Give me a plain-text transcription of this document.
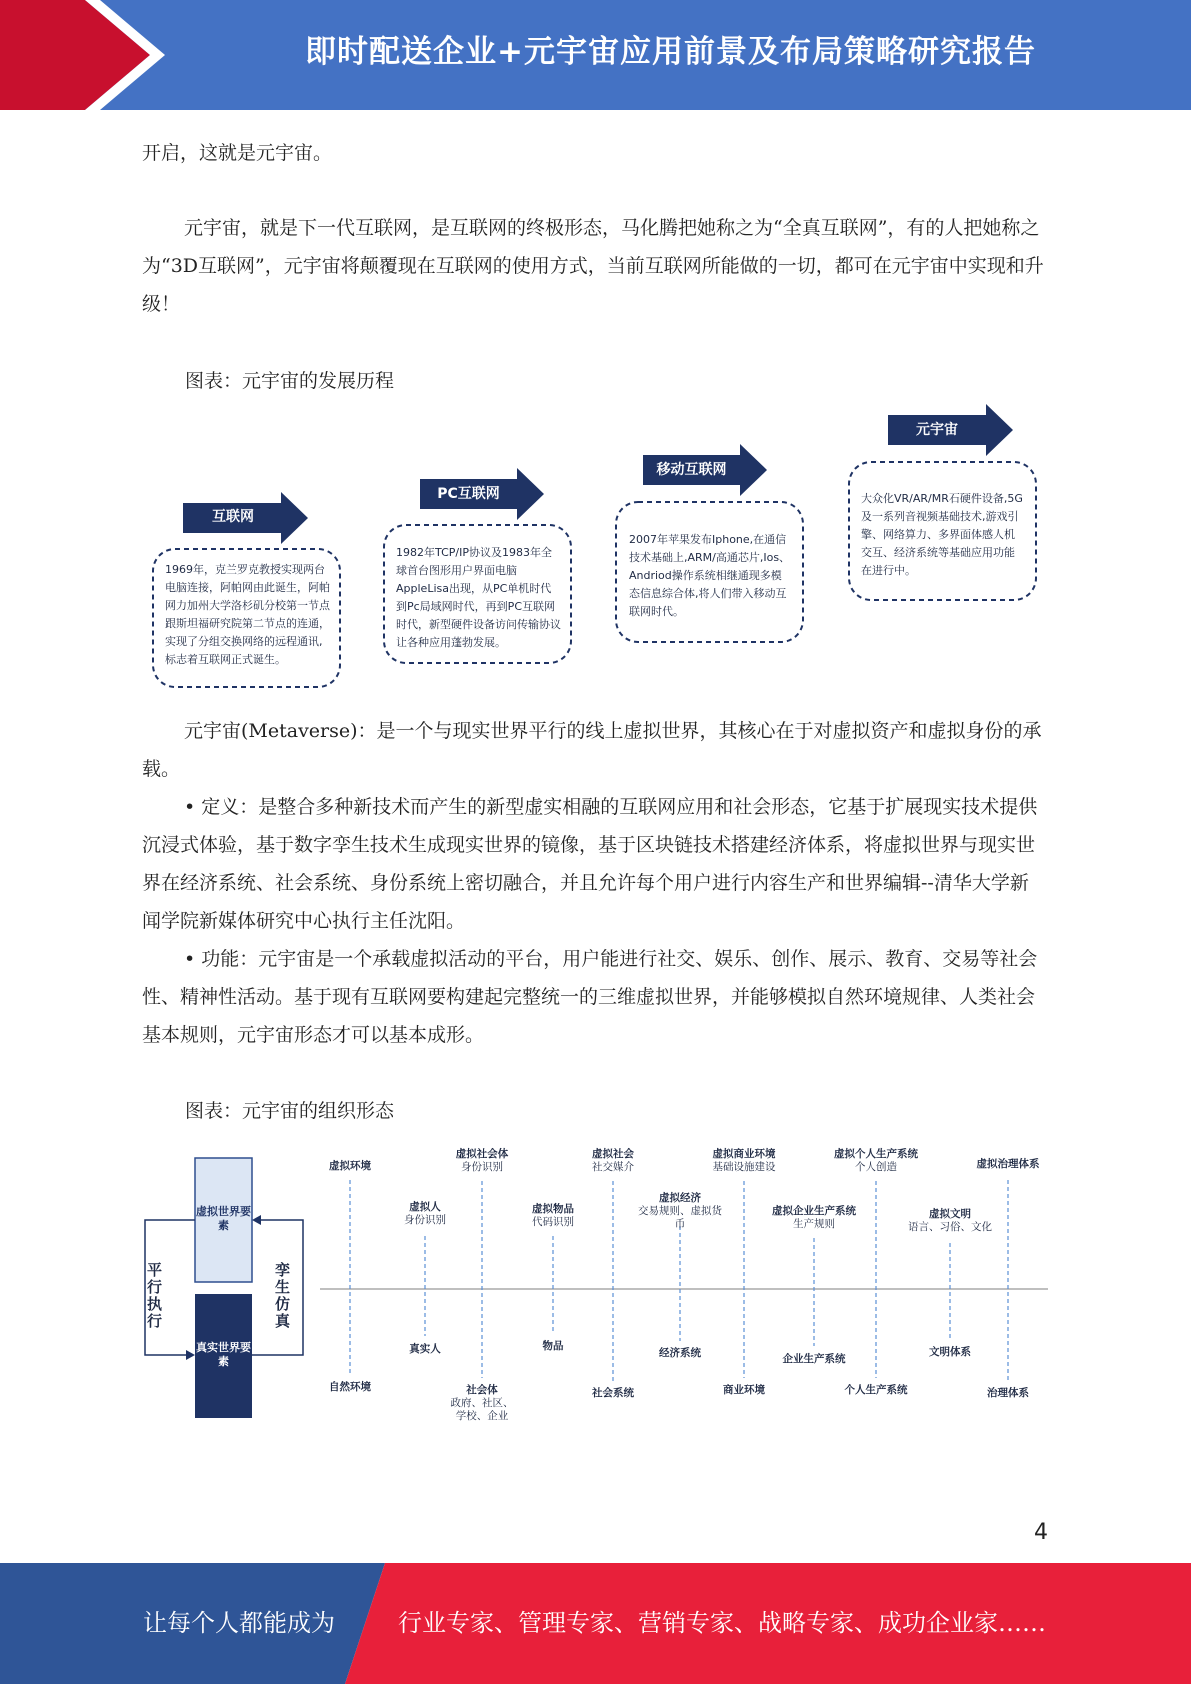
即时配送企业+元宇宙应用前景及布局策略研究报告

开启，这就是元宇宙。

元宇宙，就是下一代互联网，是互联网的终极形态，马化腾把她称之为“全真互联网”，有的人把她称之为“3D互联网”，元宇宙将颠覆现在互联网的使用方式，当前互联网所能做的一切，都可在元宇宙中实现和升级！

图表：元宇宙的发展历程
互联网
PC互联网
移动互联网
元宇宙
1969年，克兰罗克教授实现两台电脑连接，阿帕网由此诞生，阿帕网力加州大学洛杉矶分校第一节点跟斯坦福研究院第二节点的连通，实现了分组交换网络的远程通讯,标志着互联网正式诞生。
1982年TCP/IP协议及1983年全球首台图形用户界面电脑AppleLisa出现，从PC单机时代到Pc局域网时代，再到PC互联网时代，新型硬件设备访问传输协议让各种应用蓬勃发展。
2007年苹果发布Iphone,在通信技术基础上,ARM/高通芯片,Ios、Andriod操作系统相继通现多模态信息综合体,将人们带入移动互联网时代。
大众化VR/AR/MR石硬件设备,5G及一系列音视频基础技术,游戏引擎、网络算力、多界面体感人机交互、经济系统等基础应用功能在进行中。

元宇宙(Metaverse)：是一个与现实世界平行的线上虚拟世界，其核心在于对虚拟资产和虚拟身份的承载。

• 定义：是整合多种新技术而产生的新型虚实相融的互联网应用和社会形态，它基于扩展现实技术提供沉浸式体验，基于数字孪生技术生成现实世界的镜像，基于区块链技术搭建经济体系，将虚拟世界与现实世界在经济系统、社会系统、身份系统上密切融合，并且允许每个用户进行内容生产和世界编辑--清华大学新闻学院新媒体研究中心执行主任沈阳。

• 功能：元宇宙是一个承载虚拟活动的平台，用户能进行社交、娱乐、创作、展示、教育、交易等社会性、精神性活动。基于现有互联网要构建起完整统一的三维虚拟世界，并能够模拟自然环境规律、人类社会基本规则，元宇宙形态才可以基本成形。

图表：元宇宙的组织形态
虚拟世界要素
真实世界要素
平行执行
孪生仿真
虚拟环境
自然环境
虚拟人
身份识别
真实人
虚拟社会体
身份识别
社会体
政府、社区、学校、企业
虚拟物品
代码识别
物品
虚拟社会
社交媒介
社会系统
虚拟经济
交易规则、虚拟货币
经济系统
虚拟商业环境
基础设施建设
商业环境
虚拟企业生产系统
生产规则
企业生产系统
虚拟个人生产系统
个人创造
个人生产系统
虚拟文明
语言、习俗、文化
文明体系
虚拟治理体系
治理体系
4
让每个人都能成为	行业专家、管理专家、营销专家、战略专家、成功企业家……
